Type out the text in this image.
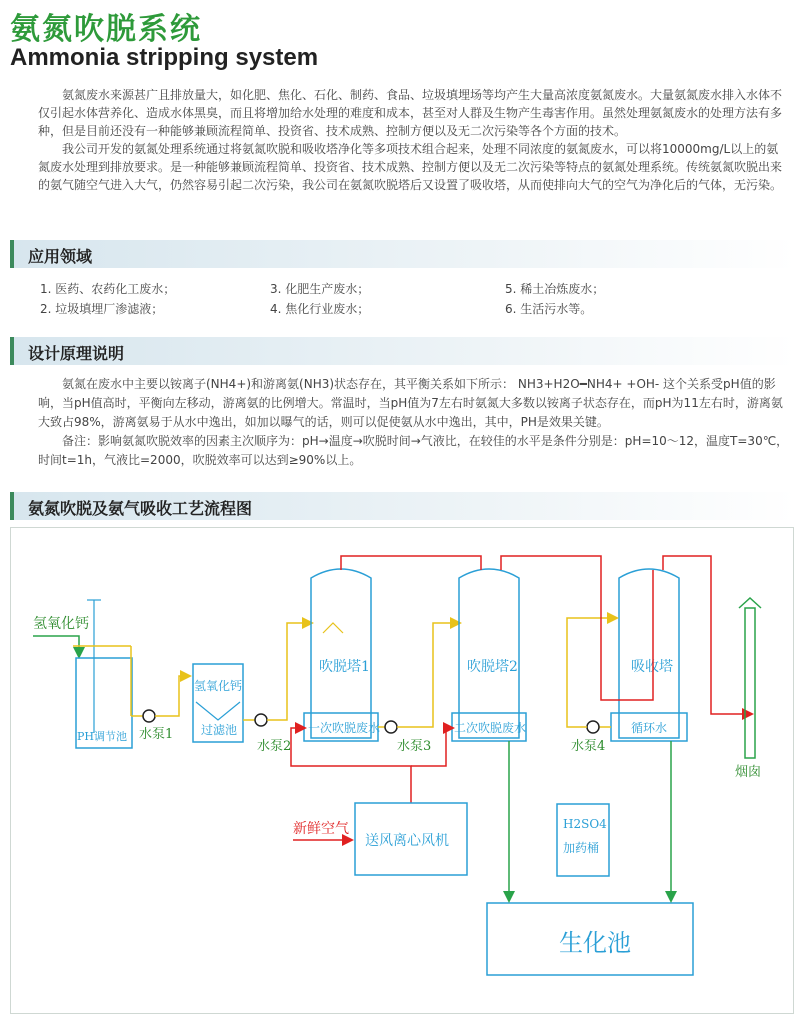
氨氮吹脱系统
Ammonia stripping system

氨氮废水来源甚广且排放量大，如化肥、焦化、石化、制药、食品、垃圾填埋场等均产生大量高浓度氨氮废水。大量氨氮废水排入水体不仅引起水体营养化、造成水体黑臭，而且将增加给水处理的难度和成本，甚至对人群及生物产生毒害作用。虽然处理氨氮废水的处理方法有多种，但是目前还没有一种能够兼顾流程简单、投资省、技术成熟、控制方便以及无二次污染等各个方面的技术。

我公司开发的氨氮处理系统通过将氨氮吹脱和吸收塔净化等多项技术组合起来，处理不同浓度的氨氮废水，可以将10000mg/L以上的氨氮废水处理到排放要求。是一种能够兼顾流程简单、投资省、技术成熟、控制方便以及无二次污染等特点的氨氮处理系统。传统氨氮吹脱出来的氨气随空气进入大气，仍然容易引起二次污染，我公司在氨氮吹脱塔后又设置了吸收塔，从而使排向大气的空气为净化后的气体，无污染。

应用领域
1. 医药、农药化工废水；
2. 垃圾填埋厂渗滤液；
3. 化肥生产废水；
4. 焦化行业废水；
5. 稀土冶炼废水；
6. 生活污水等。
设计原理说明

氨氮在废水中主要以铵离子(NH4+)和游离氨(NH3)状态存在，其平衡关系如下所示： NH3+H2O━NH4+ +OH- 这个关系受pH值的影响，当pH值高时，平衡向左移动，游离氨的比例增大。常温时，当pH值为7左右时氨氮大多数以铵离子状态存在，而pH为11左右时，游离氨大致占98%，游离氨易于从水中逸出，如加以曝气的话，则可以促使氨从水中逸出，其中，PH是效果关键。

备注：影响氨氮吹脱效率的因素主次顺序为：pH→温度→吹脱时间→气液比，在较佳的水平是条件分别是：pH=10～12，温度T=30℃，时间t=1h，气液比=2000，吹脱效率可以达到≥90%以上。

氨氮吹脱及氨气吸收工艺流程图
氢氧化钙
PH调节池 水泵1
氢氧化钙
过滤池
水泵2
吹脱塔1
一次吹脱废水
水泵3
吹脱塔2
二次吹脱废水
吸收塔
循环水
水泵4
烟囱
新鲜空气
送风离心风机
H2SO4
加药桶
生化池
